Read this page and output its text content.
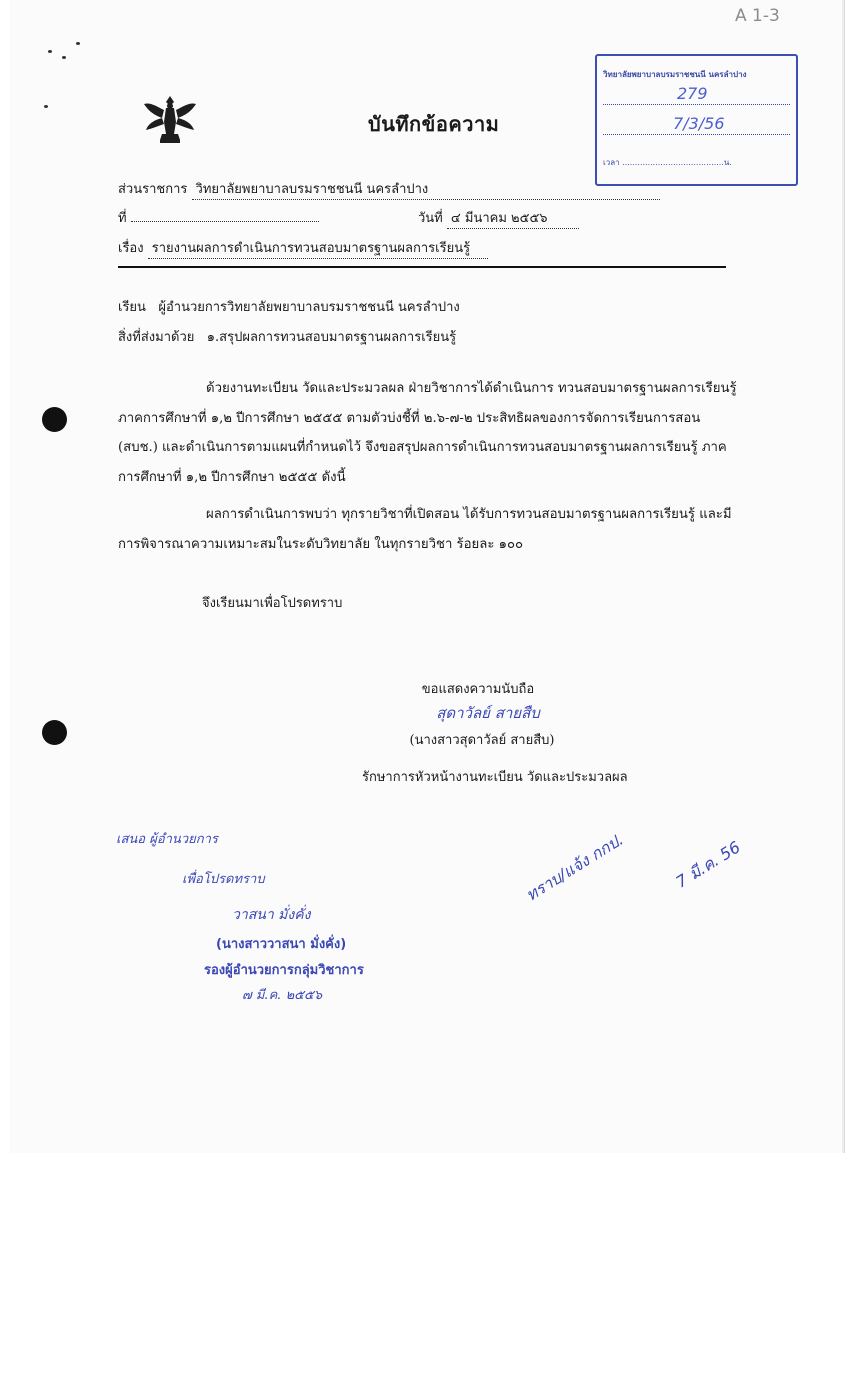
A 1-3
บันทึกข้อความ
วิทยาลัยพยาบาลบรมราชชนนี นครลำปาง
279
7/3/56
เวลา ........................................น.
ส่วนราชการ วิทยาลัยพยาบาลบรมราชชนนี นครลำปาง
ที่	วันที่ ๔ มีนาคม ๒๕๕๖
เรื่อง รายงานผลการดำเนินการทวนสอบมาตรฐานผลการเรียนรู้
เรียน ผู้อำนวยการวิทยาลัยพยาบาลบรมราชชนนี นครลำปาง
สิ่งที่ส่งมาด้วย ๑.สรุปผลการทวนสอบมาตรฐานผลการเรียนรู้
ด้วยงานทะเบียน วัดและประมวลผล ฝ่ายวิชาการได้ดำเนินการ ทวนสอบมาตรฐานผลการเรียนรู้
ภาคการศึกษาที่ ๑,๒ ปีการศึกษา ๒๕๕๕ ตามตัวบ่งชี้ที่ ๒.๖-๗-๒ ประสิทธิผลของการจัดการเรียนการสอน
(สบช.) และดำเนินการตามแผนที่กำหนดไว้ จึงขอสรุปผลการดำเนินการทวนสอบมาตรฐานผลการเรียนรู้ ภาค
การศึกษาที่ ๑,๒ ปีการศึกษา ๒๕๕๕ ดังนี้
ผลการดำเนินการพบว่า ทุกรายวิชาที่เปิดสอน ได้รับการทวนสอบมาตรฐานผลการเรียนรู้ และมี
การพิจารณาความเหมาะสมในระดับวิทยาลัย ในทุกรายวิชา ร้อยละ ๑๐๐
จึงเรียนมาเพื่อโปรดทราบ
ขอแสดงความนับถือ
สุดาวัลย์ สายสืบ
(นางสาวสุดาวัลย์ สายสืบ)
รักษาการหัวหน้างานทะเบียน วัดและประมวลผล
เสนอ ผู้อำนวยการ
เพื่อโปรดทราบ
วาสนา มั่งคั่ง
(นางสาววาสนา มั่งคั่ง)
รองผู้อำนวยการกลุ่มวิชาการ
๗ มี.ค. ๒๕๕๖
ทราบ/แจ้ง กกป.	7 มี.ค. 56
